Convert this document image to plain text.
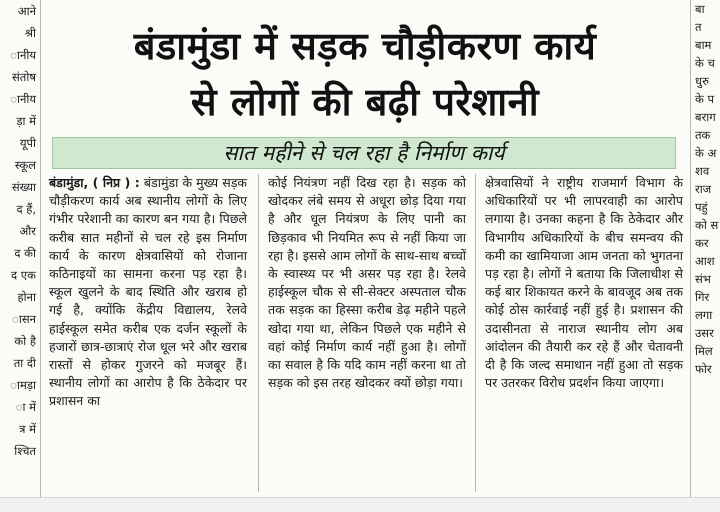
आने
श्री
ानीय
संतोष
ानीय
ड़ा में
यूपी
स्कूल
संख्या
द हैं,
और
द की
द एक
होना
ासन
को है
ता दी
ामड़ा
ा में
त्र में
श्चित
बंडामुंडा में सड़क चौड़ीकरण कार्य
से लोगों की बढ़ी परेशानी
सात महीने से चल रहा है निर्माण कार्य

बंडामुंडा, ( निप्र ) : बंडामुंडा के मुख्य सड़क चौड़ीकरण कार्य अब स्थानीय लोगों के लिए गंभीर परेशानी का कारण बन गया है। पिछले करीब सात महीनों से चल रहे इस निर्माण कार्य के कारण क्षेत्रवासियों को रोजाना कठिनाइयों का सामना करना पड़ रहा है। स्कूल खुलने के बाद स्थिति और खराब हो गई है, क्योंकि केंद्रीय विद्यालय, रेलवे हाईस्कूल समेत करीब एक दर्जन स्कूलों के हजारों छात्र-छात्राएं रोज धूल भरे और खराब रास्तों से होकर गुजरने को मजबूर हैं। स्थानीय लोगों का आरोप है कि ठेकेदार पर प्रशासन का

कोई नियंत्रण नहीं दिख रहा है। सड़क को खोदकर लंबे समय से अधूरा छोड़ दिया गया है और धूल नियंत्रण के लिए पानी का छिड़काव भी नियमित रूप से नहीं किया जा रहा है। इससे आम लोगों के साथ-साथ बच्चों के स्वास्थ्य पर भी असर पड़ रहा है। रेलवे हाईस्कूल चौक से सी-सेक्टर अस्पताल चौक तक सड़क का हिस्सा करीब डेढ़ महीने पहले खोदा गया था, लेकिन पिछले एक महीने से वहां कोई निर्माण कार्य नहीं हुआ है। लोगों का सवाल है कि यदि काम नहीं करना था तो सड़क को इस तरह खोदकर क्यों छोड़ा गया।

क्षेत्रवासियों ने राष्ट्रीय राजमार्ग विभाग के अधिकारियों पर भी लापरवाही का आरोप लगाया है। उनका कहना है कि ठेकेदार और विभागीय अधिकारियों के बीच समन्वय की कमी का खामियाजा आम जनता को भुगतना पड़ रहा है। लोगों ने बताया कि जिलाधीश से कई बार शिकायत करने के बावजूद अब तक कोई ठोस कार्रवाई नहीं हुई है। प्रशासन की उदासीनता से नाराज स्थानीय लोग अब आंदोलन की तैयारी कर रहे हैं और चेतावनी दी है कि जल्द समाधान नहीं हुआ तो सड़क पर उतरकर विरोध प्रदर्शन किया जाएगा।

बा
त
बाम
के च
धुरु
के प
बराग
तक
के अ
शव
राज
पहुं
को स
कर
आश
संभ
गिर
लगा
उसर
मिल
फोर
